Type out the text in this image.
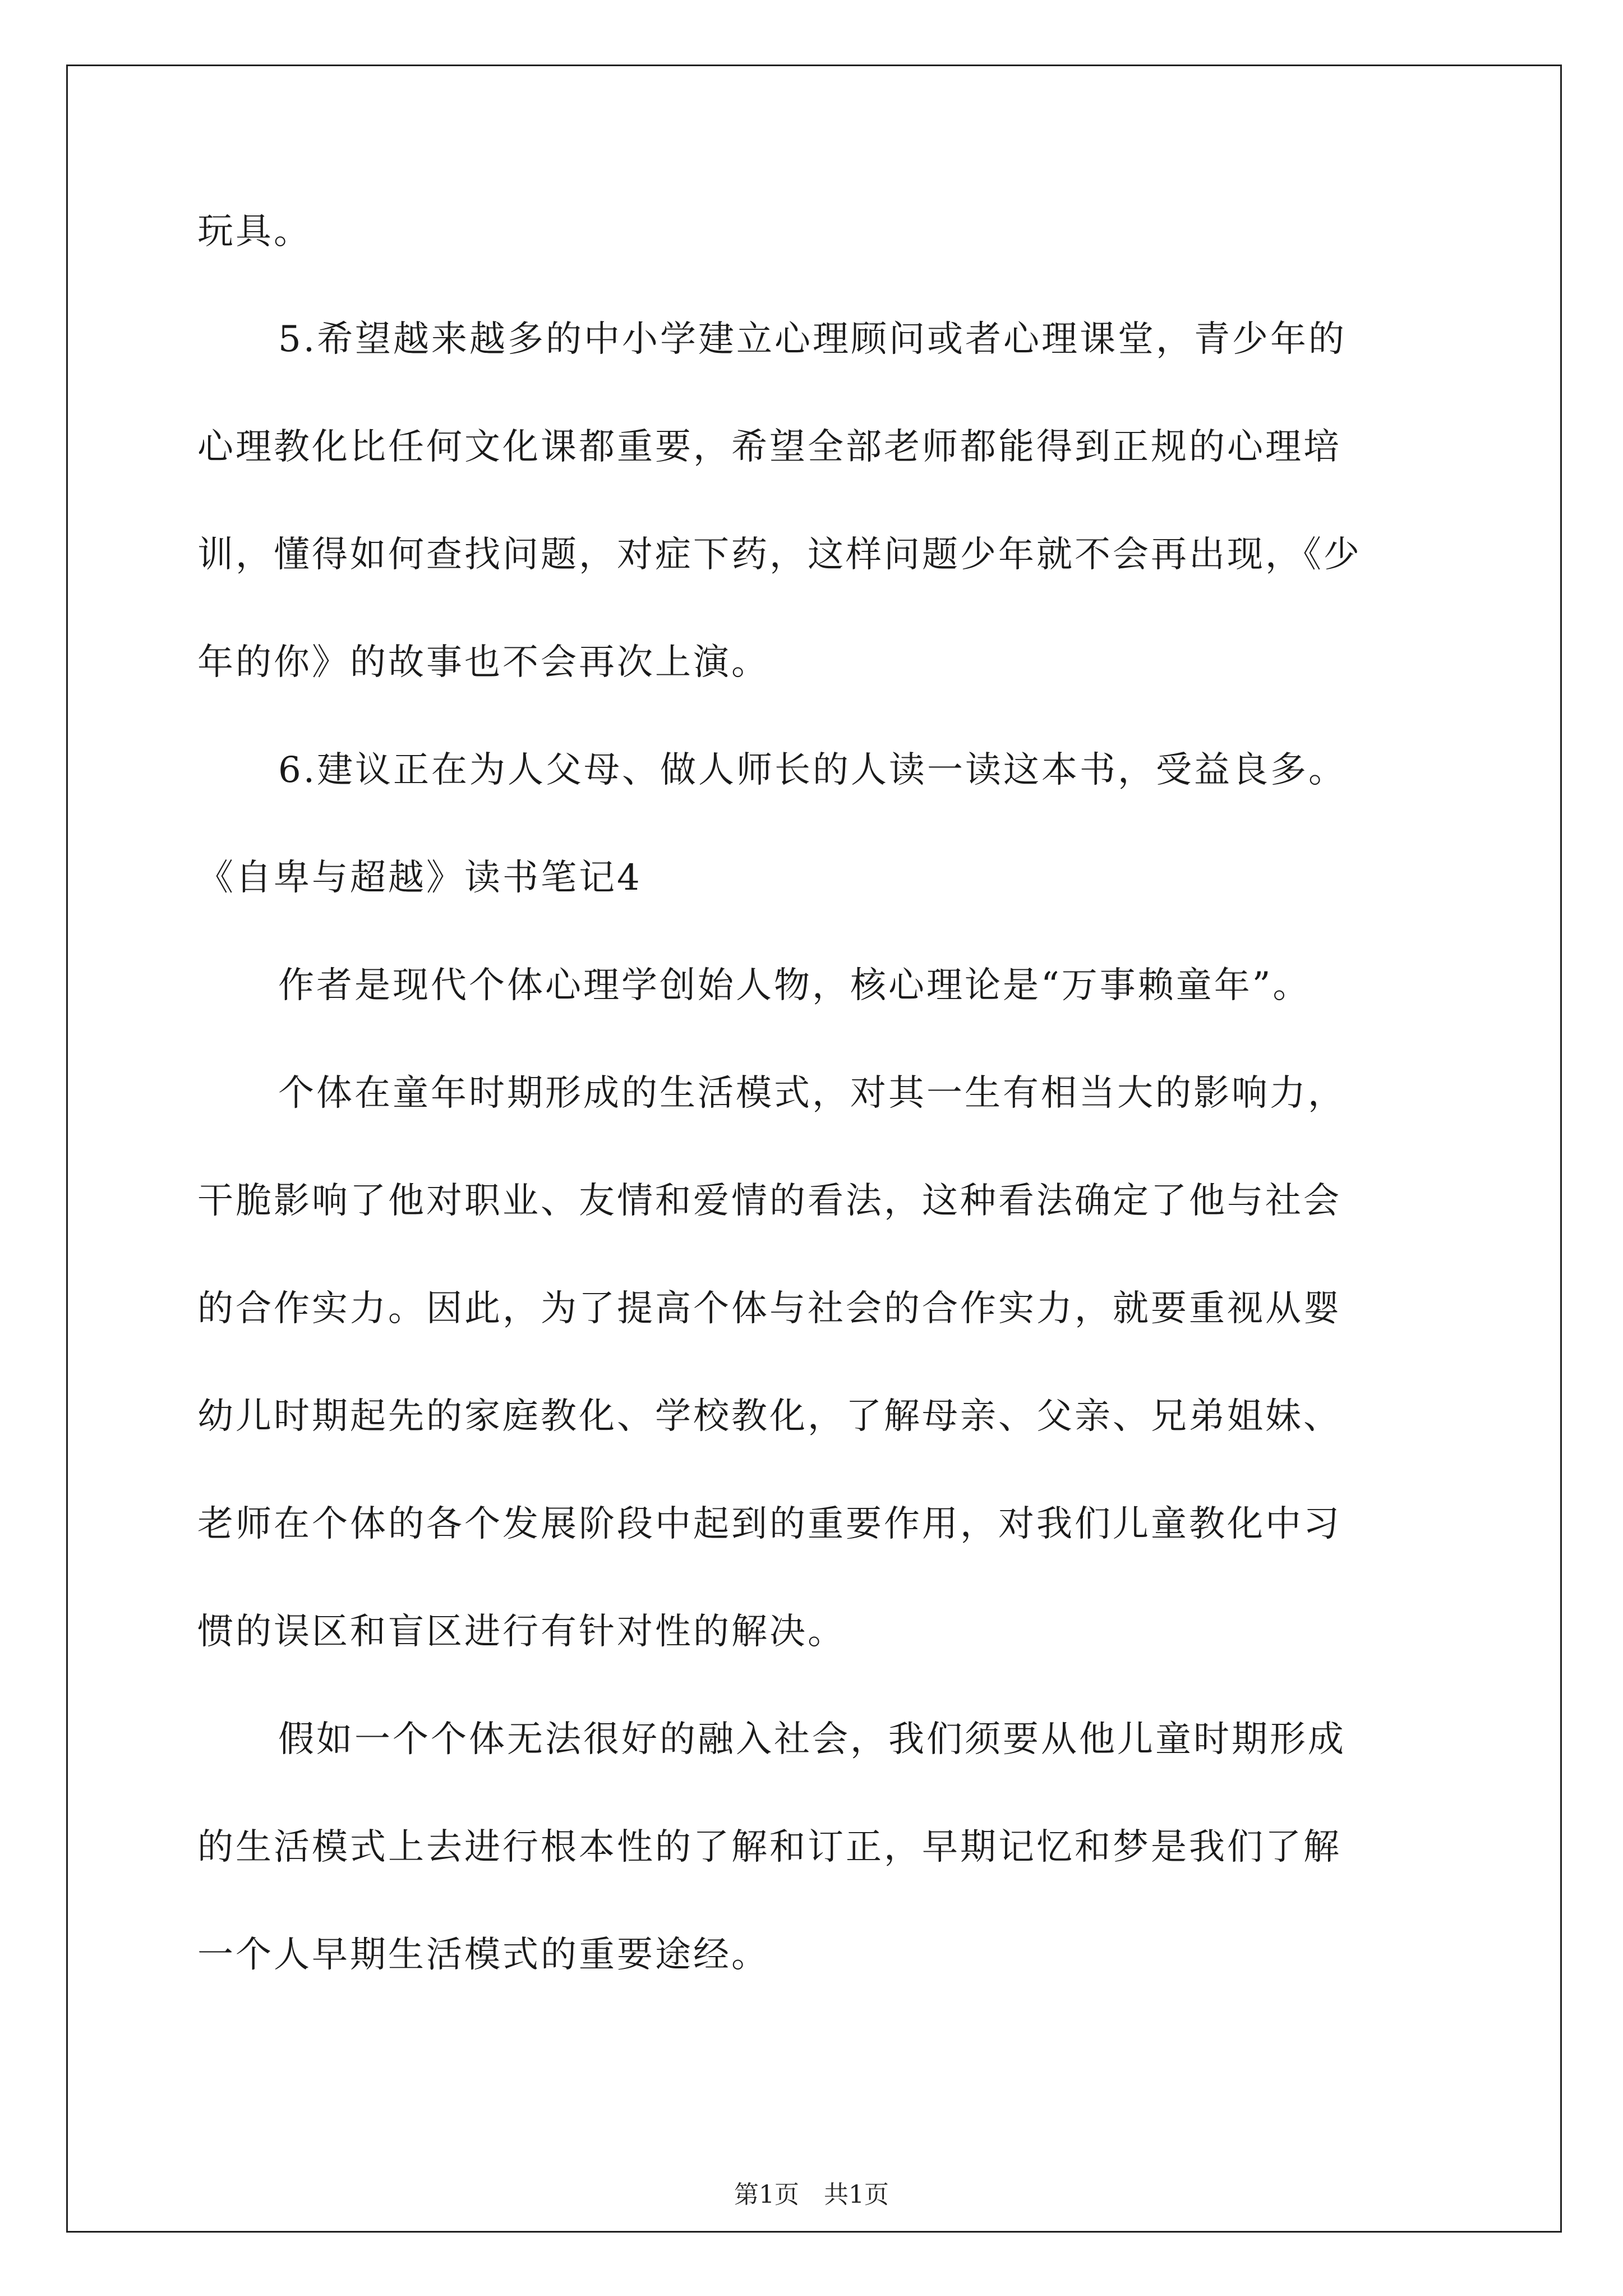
玩具。
5.希望越来越多的中小学建立心理顾问或者心理课堂，青少年的
心理教化比任何文化课都重要，希望全部老师都能得到正规的心理培
训，懂得如何查找问题，对症下药，这样问题少年就不会再出现，《少
年的你》的故事也不会再次上演。
6.建议正在为人父母、做人师长的人读一读这本书，受益良多。
《自卑与超越》读书笔记4
作者是现代个体心理学创始人物，核心理论是“万事赖童年”。
个体在童年时期形成的生活模式，对其一生有相当大的影响力，
干脆影响了他对职业、友情和爱情的看法，这种看法确定了他与社会
的合作实力。因此，为了提高个体与社会的合作实力，就要重视从婴
幼儿时期起先的家庭教化、学校教化，了解母亲、父亲、兄弟姐妹、
老师在个体的各个发展阶段中起到的重要作用，对我们儿童教化中习
惯的误区和盲区进行有针对性的解决。
假如一个个体无法很好的融入社会，我们须要从他儿童时期形成
的生活模式上去进行根本性的了解和订正，早期记忆和梦是我们了解
一个人早期生活模式的重要途经。
第1页　共1页
